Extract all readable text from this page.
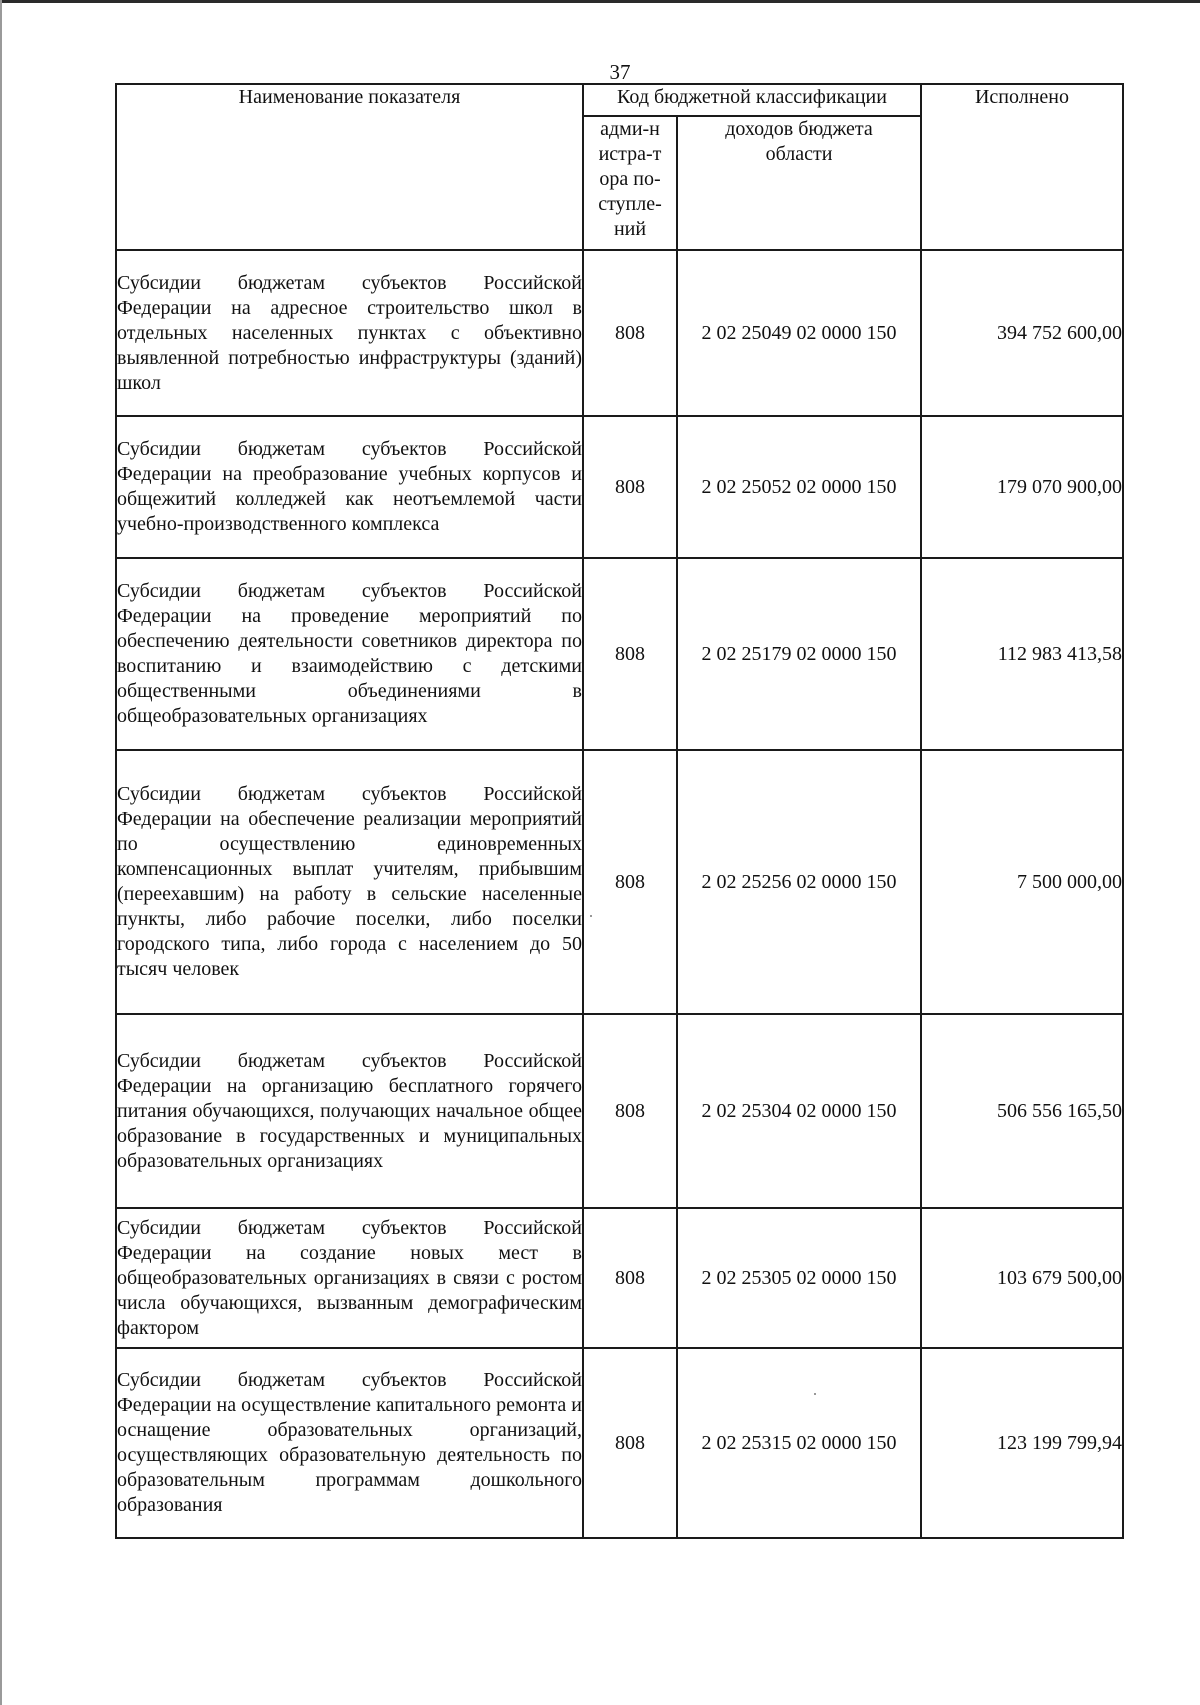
37
Наименование показателя	Код бюджетной классификации		Исполнено

	адми-нистра-тора по-ступле-ний	доходов бюджета области	

Субсидии бюджетам субъектов Российской Федерации на адресное строительство школ в отдельных населенных пунктах с объективно выявленной потребностью инфраструктуры (зданий) школ	808	2 02 25049 02 0000 150	394 752 600,00
Субсидии бюджетам субъектов Российской Федерации на преобразование учебных корпусов и общежитий колледжей как неотъемлемой части учебно-производственного комплекса	808	2 02 25052 02 0000 150	179 070 900,00
Субсидии бюджетам субъектов Российской Федерации на проведение мероприятий по обеспечению деятельности советников директора по воспитанию и взаимодействию с детскими общественными объединениями в общеобразовательных организациях	808	2 02 25179 02 0000 150	112 983 413,58
Субсидии бюджетам субъектов Российской Федерации на обеспечение реализации мероприятий по осуществлению единовременных компенсационных выплат учителям, прибывшим (переехавшим) на работу в сельские населенные пункты, либо рабочие поселки, либо поселки городского типа, либо города с населением до 50 тысяч человек	808	2 02 25256 02 0000 150	7 500 000,00
Субсидии бюджетам субъектов Российской Федерации на организацию бесплатного горячего питания обучающихся, получающих начальное общее образование в государственных и муниципальных образовательных организациях	808	2 02 25304 02 0000 150	506 556 165,50
Субсидии бюджетам субъектов Российской Федерации на создание новых мест в общеобразовательных организациях в связи с ростом числа обучающихся, вызванным демографическим фактором	808	2 02 25305 02 0000 150	103 679 500,00
Субсидии бюджетам субъектов Российской Федерации на осуществление капитального ремонта и оснащение образовательных организаций, осуществляющих образовательную деятельность по образовательным программам дошкольного образования	808	2 02 25315 02 0000 150	123 199 799,94
